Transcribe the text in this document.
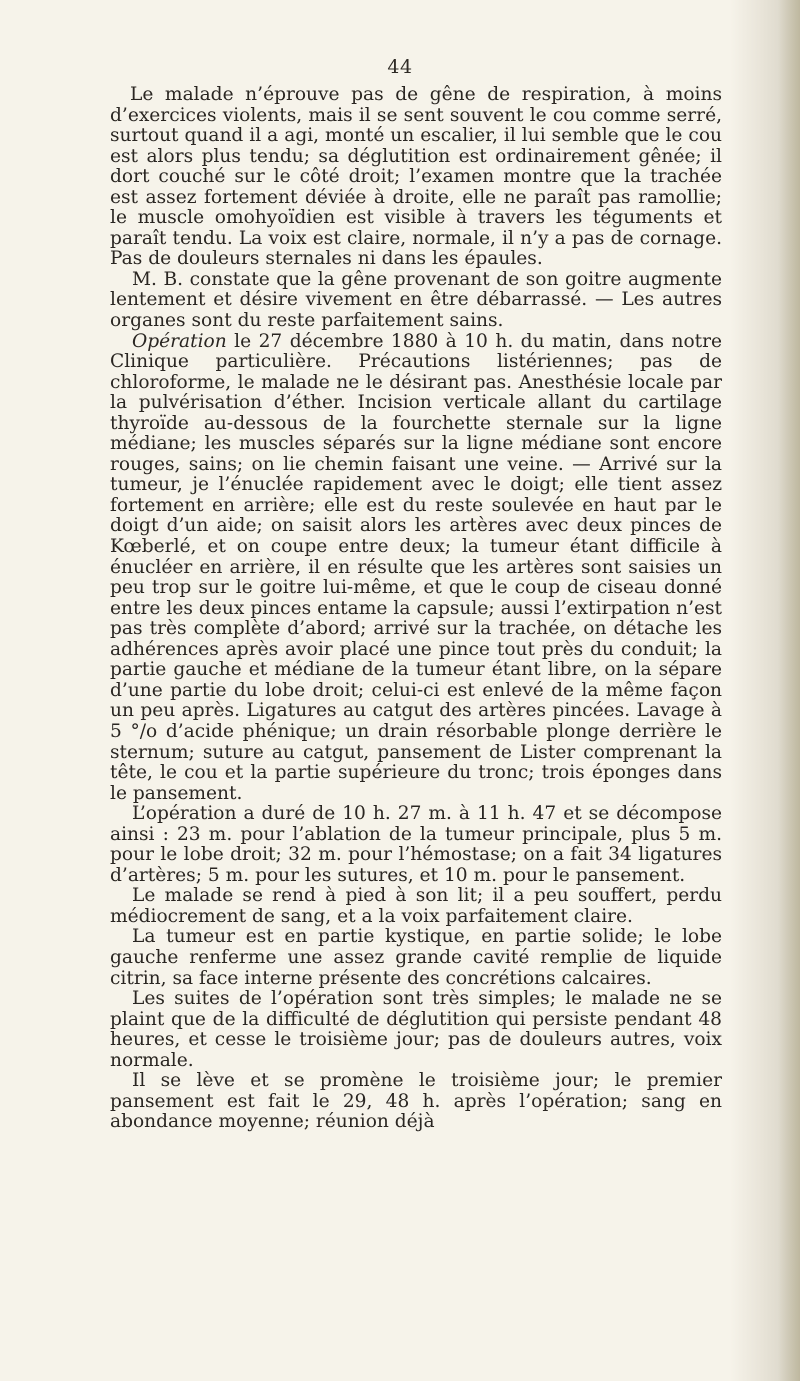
44

Le malade n’éprouve pas de gêne de respiration, à moins d’exercices violents, mais il se sent souvent le cou comme serré, surtout quand il a agi, monté un escalier, il lui semble que le cou est alors plus tendu; sa déglutition est ordinairement gênée; il dort couché sur le côté droit; l’examen montre que la trachée est assez fortement déviée à droite, elle ne paraît pas ramollie; le muscle omohyoïdien est visible à travers les téguments et paraît tendu. La voix est claire, normale, il n’y a pas de cornage. Pas de douleurs sternales ni dans les épaules.

M. B. constate que la gêne provenant de son goitre augmente lentement et désire vivement en être débarrassé. — Les autres organes sont du reste parfaitement sains.

Opération le 27 décembre 1880 à 10 h. du matin, dans notre Clinique particulière. Précautions listériennes; pas de chloroforme, le malade ne le désirant pas. Anesthésie locale par la pulvérisation d’éther. Incision verticale allant du cartilage thyroïde au-dessous de la fourchette sternale sur la ligne médiane; les muscles séparés sur la ligne médiane sont encore rouges, sains; on lie chemin faisant une veine. — Arrivé sur la tumeur, je l’énuclée rapidement avec le doigt; elle tient assez fortement en arrière; elle est du reste soulevée en haut par le doigt d’un aide; on saisit alors les artères avec deux pinces de Kœberlé, et on coupe entre deux; la tumeur étant difficile à énucléer en arrière, il en résulte que les artères sont saisies un peu trop sur le goitre lui-même, et que le coup de ciseau donné entre les deux pinces entame la capsule; aussi l’extirpation n’est pas très complète d’abord; arrivé sur la trachée, on détache les adhérences après avoir placé une pince tout près du conduit; la partie gauche et médiane de la tumeur étant libre, on la sépare d’une partie du lobe droit; celui-ci est enlevé de la même façon un peu après. Ligatures au catgut des artères pincées. Lavage à 5 °/o d’acide phénique; un drain résorbable plonge derrière le sternum; suture au catgut, pansement de Lister comprenant la tête, le cou et la partie supérieure du tronc; trois éponges dans le pansement.

L’opération a duré de 10 h. 27 m. à 11 h. 47 et se décompose ainsi : 23 m. pour l’ablation de la tumeur principale, plus 5 m. pour le lobe droit; 32 m. pour l’hémostase; on a fait 34 ligatures d’artères; 5 m. pour les sutures, et 10 m. pour le pansement.

Le malade se rend à pied à son lit; il a peu souffert, perdu médiocrement de sang, et a la voix parfaitement claire.

La tumeur est en partie kystique, en partie solide; le lobe gauche renferme une assez grande cavité remplie de liquide citrin, sa face interne présente des concrétions calcaires.

Les suites de l’opération sont très simples; le malade ne se plaint que de la difficulté de déglutition qui persiste pendant 48 heures, et cesse le troisième jour; pas de douleurs autres, voix normale.

Il se lève et se promène le troisième jour; le premier pansement est fait le 29, 48 h. après l’opération; sang en abondance moyenne; réunion déjà
